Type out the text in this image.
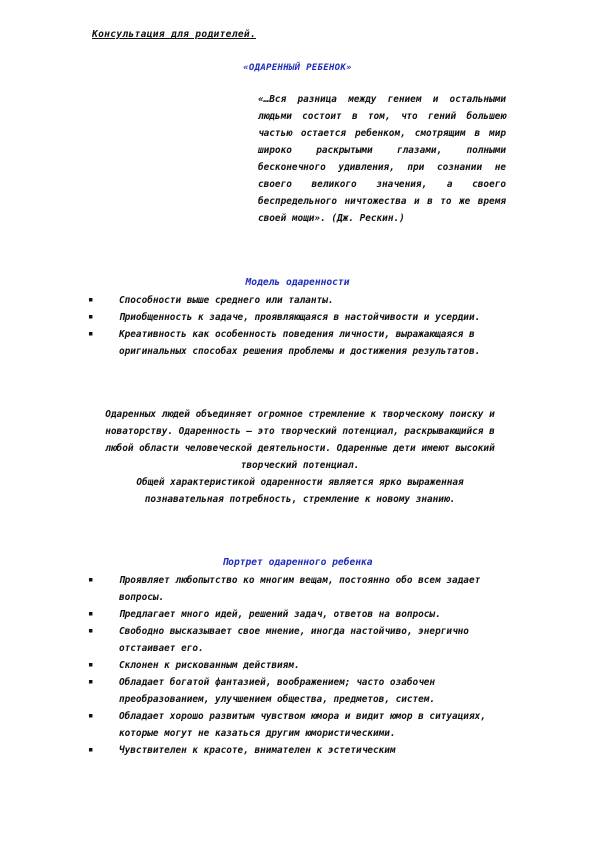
Консультация для родителей.
«ОДАРЕННЫЙ РЕБЕНОК»
«…Вся разница между гением и остальными людьми состоит в том, что гений большею частью остается ребенком, смотрящим в мир широко раскрытыми глазами, полными бесконечного удивления, при сознании не своего великого значения, а своего беспредельного ничтожества и в то же время своей мощи». (Дж. Рескин.)
Модель одаренности
▪	Способности выше среднего или таланты.
▪	Приобщенность к задаче, проявляющаяся в настойчивости и усердии.
▪	Креативность как особенность поведения личности, выражающаяся в оригинальных способах решения проблемы и достижения результатов.
Одаренных людей объединяет огромное стремление к творческому поиску и новаторству. Одаренность – это творческий потенциал, раскрывающийся в любой области человеческой деятельности. Одаренные дети имеют высокий творческий потенциал.
Общей характеристикой одаренности является ярко выраженная познавательная потребность, стремление к новому знанию.
Портрет одаренного ребенка
▪	Проявляет любопытство ко многим вещам, постоянно обо всем задает вопросы.
▪	Предлагает много идей, решений задач, ответов на вопросы.
▪	Свободно высказывает свое мнение, иногда настойчиво, энергично отстаивает его.
▪	Склонен к рискованным действиям.
▪	Обладает богатой фантазией, воображением; часто озабочен преобразованием, улучшением общества, предметов, систем.
▪	Обладает хорошо развитым чувством юмора и видит юмор в ситуациях, которые могут не казаться другим юмористическими.
▪	Чувствителен к красоте, внимателен к эстетическим
